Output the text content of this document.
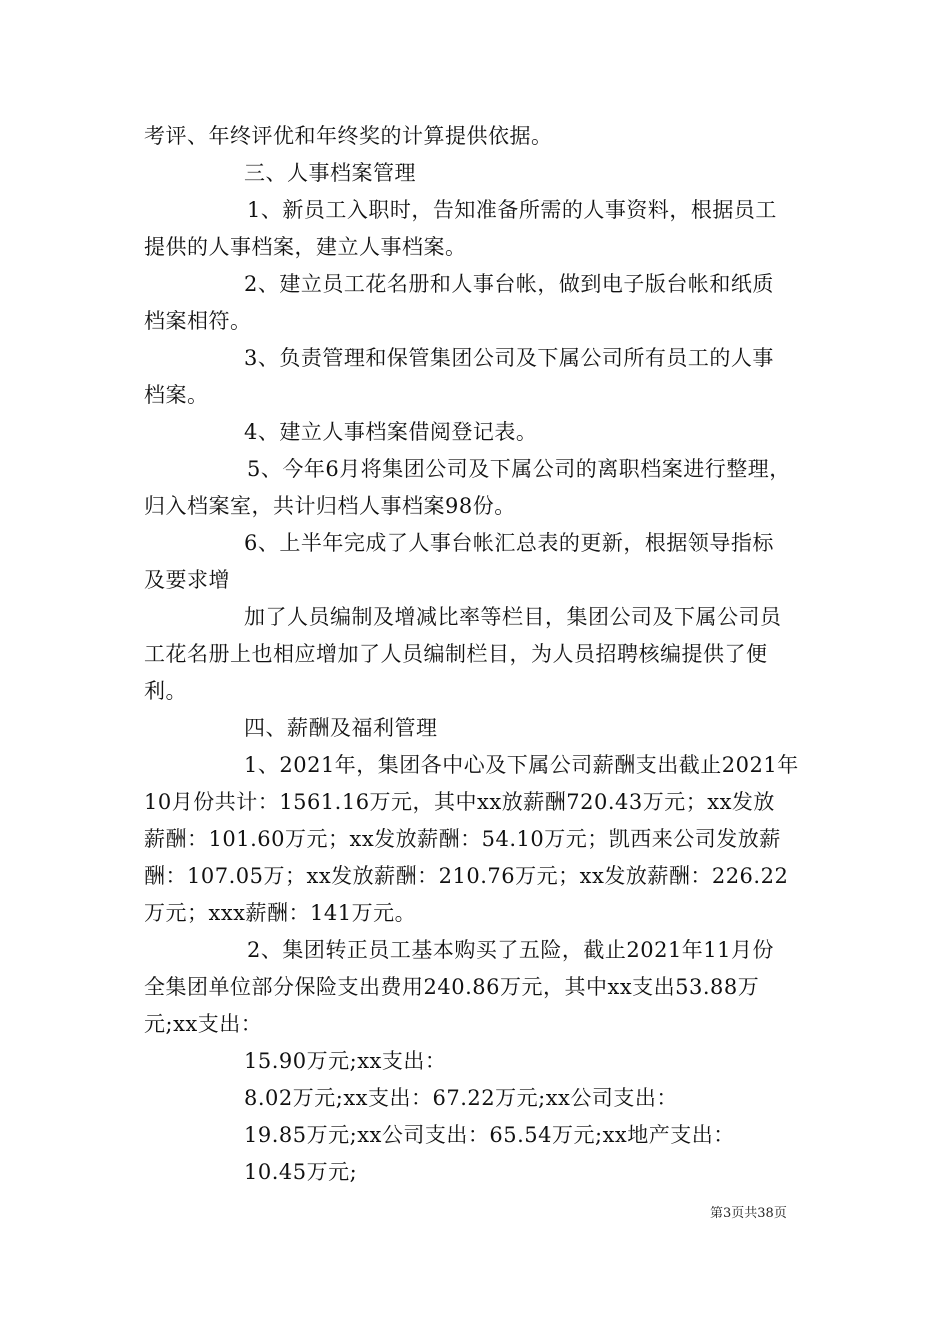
考评、年终评优和年终奖的计算提供依据。
三、人事档案管理
1、新员工入职时，告知准备所需的人事资料，根据员工
提供的人事档案，建立人事档案。
2、建立员工花名册和人事台帐，做到电子版台帐和纸质
档案相符。
3、负责管理和保管集团公司及下属公司所有员工的人事
档案。
4、建立人事档案借阅登记表。
5、今年6月将集团公司及下属公司的离职档案进行整理，
归入档案室，共计归档人事档案98份。
6、上半年完成了人事台帐汇总表的更新，根据领导指标
及要求增
加了人员编制及增减比率等栏目，集团公司及下属公司员
工花名册上也相应增加了人员编制栏目，为人员招聘核编提供了便
利。
四、薪酬及福利管理
1、2021年，集团各中心及下属公司薪酬支出截止2021年
10月份共计：1561.16万元，其中xx放薪酬720.43万元；xx发放
薪酬：101.60万元；xx发放薪酬：54.10万元；凯西来公司发放薪
酬：107.05万；xx发放薪酬：210.76万元；xx发放薪酬：226.22
万元；xxx薪酬：141万元。
2、集团转正员工基本购买了五险，截止2021年11月份
全集团单位部分保险支出费用240.86万元，其中xx支出53.88万
元;xx支出：
15.90万元;xx支出：
8.02万元;xx支出：67.22万元;xx公司支出：
19.85万元;xx公司支出：65.54万元;xx地产支出：
10.45万元;
第3页共38页
